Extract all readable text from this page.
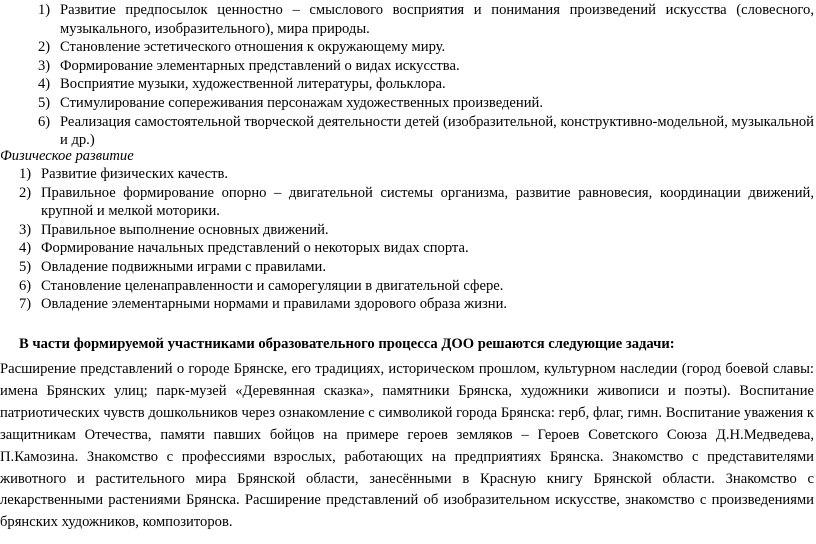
1) Развитие предпосылок ценностно – смыслового восприятия и понимания произведений искусства (словесного, музыкального, изобразительного), мира природы.
2) Становление эстетического отношения к окружающему миру.
3) Формирование элементарных представлений о видах искусства.
4) Восприятие музыки, художественной литературы, фольклора.
5) Стимулирование сопереживания персонажам художественных произведений.
6) Реализация самостоятельной творческой деятельности детей (изобразительной, конструктивно-модельной, музыкальной и др.)
Физическое развитие
1) Развитие физических качеств.
2) Правильное формирование опорно – двигательной системы организма, развитие равновесия, координации движений, крупной и мелкой моторики.
3) Правильное выполнение основных движений.
4) Формирование начальных представлений о некоторых видах спорта.
5) Овладение подвижными играми с правилами.
6) Становление целенаправленности и саморегуляции в двигательной сфере.
7) Овладение элементарными нормами и правилами здорового образа жизни.
В части формируемой участниками образовательного процесса ДОО решаются следующие задачи:

Расширение представлений о городе Брянске, его традициях, историческом прошлом, культурном наследии (город боевой славы: имена Брянских улиц; парк-музей «Деревянная сказка», памятники Брянска, художники живописи и поэты). Воспитание патриотических чувств дошкольников через ознакомление с символикой города Брянска: герб, флаг, гимн. Воспитание уважения к защитникам Отечества, памяти павших бойцов на примере героев земляков – Героев Советского Союза Д.Н.Медведева, П.Камозина. Знакомство с профессиями взрослых, работающих на предприятиях Брянска. Знакомство с представителями животного и растительного мира Брянской области, занесёнными в Красную книгу Брянской области. Знакомство с лекарственными растениями Брянска. Расширение представлений об изобразительном искусстве, знакомство с произведениями брянских художников, композиторов.
